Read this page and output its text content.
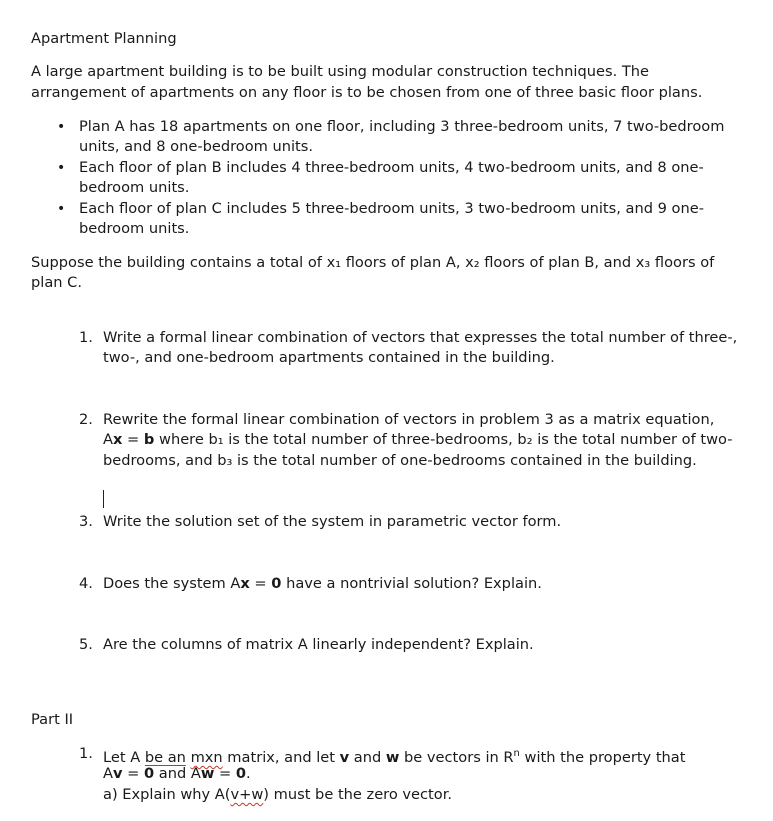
Apartment Planning
A large apartment building is to be built using modular construction techniques. The
arrangement of apartments on any floor is to be chosen from one of three basic floor plans.
• Plan A has 18 apartments on one floor, including 3 three-bedroom units, 7 two-bedroom
units, and 8 one-bedroom units.
• Each floor of plan B includes 4 three-bedroom units, 4 two-bedroom units, and 8 one-
bedroom units.
• Each floor of plan C includes 5 three-bedroom units, 3 two-bedroom units, and 9 one-
bedroom units.
Suppose the building contains a total of x₁ floors of plan A, x₂ floors of plan B, and x₃ floors of
plan C.
1. Write a formal linear combination of vectors that expresses the total number of three-,
two-, and one-bedroom apartments contained in the building.
2. Rewrite the formal linear combination of vectors in problem 3 as a matrix equation,
Ax = b where b₁ is the total number of three-bedrooms, b₂ is the total number of two-
bedrooms, and b₃ is the total number of one-bedrooms contained in the building.
3. Write the solution set of the system in parametric vector form.
4. Does the system Ax = 0 have a nontrivial solution? Explain.
5. Are the columns of matrix A linearly independent? Explain.
Part II
1. Let A be an mxn matrix, and let v and w be vectors in $R^n$ with the property that
Av = 0 and Aw = 0.
a) Explain why A(v+w) must be the zero vector.
